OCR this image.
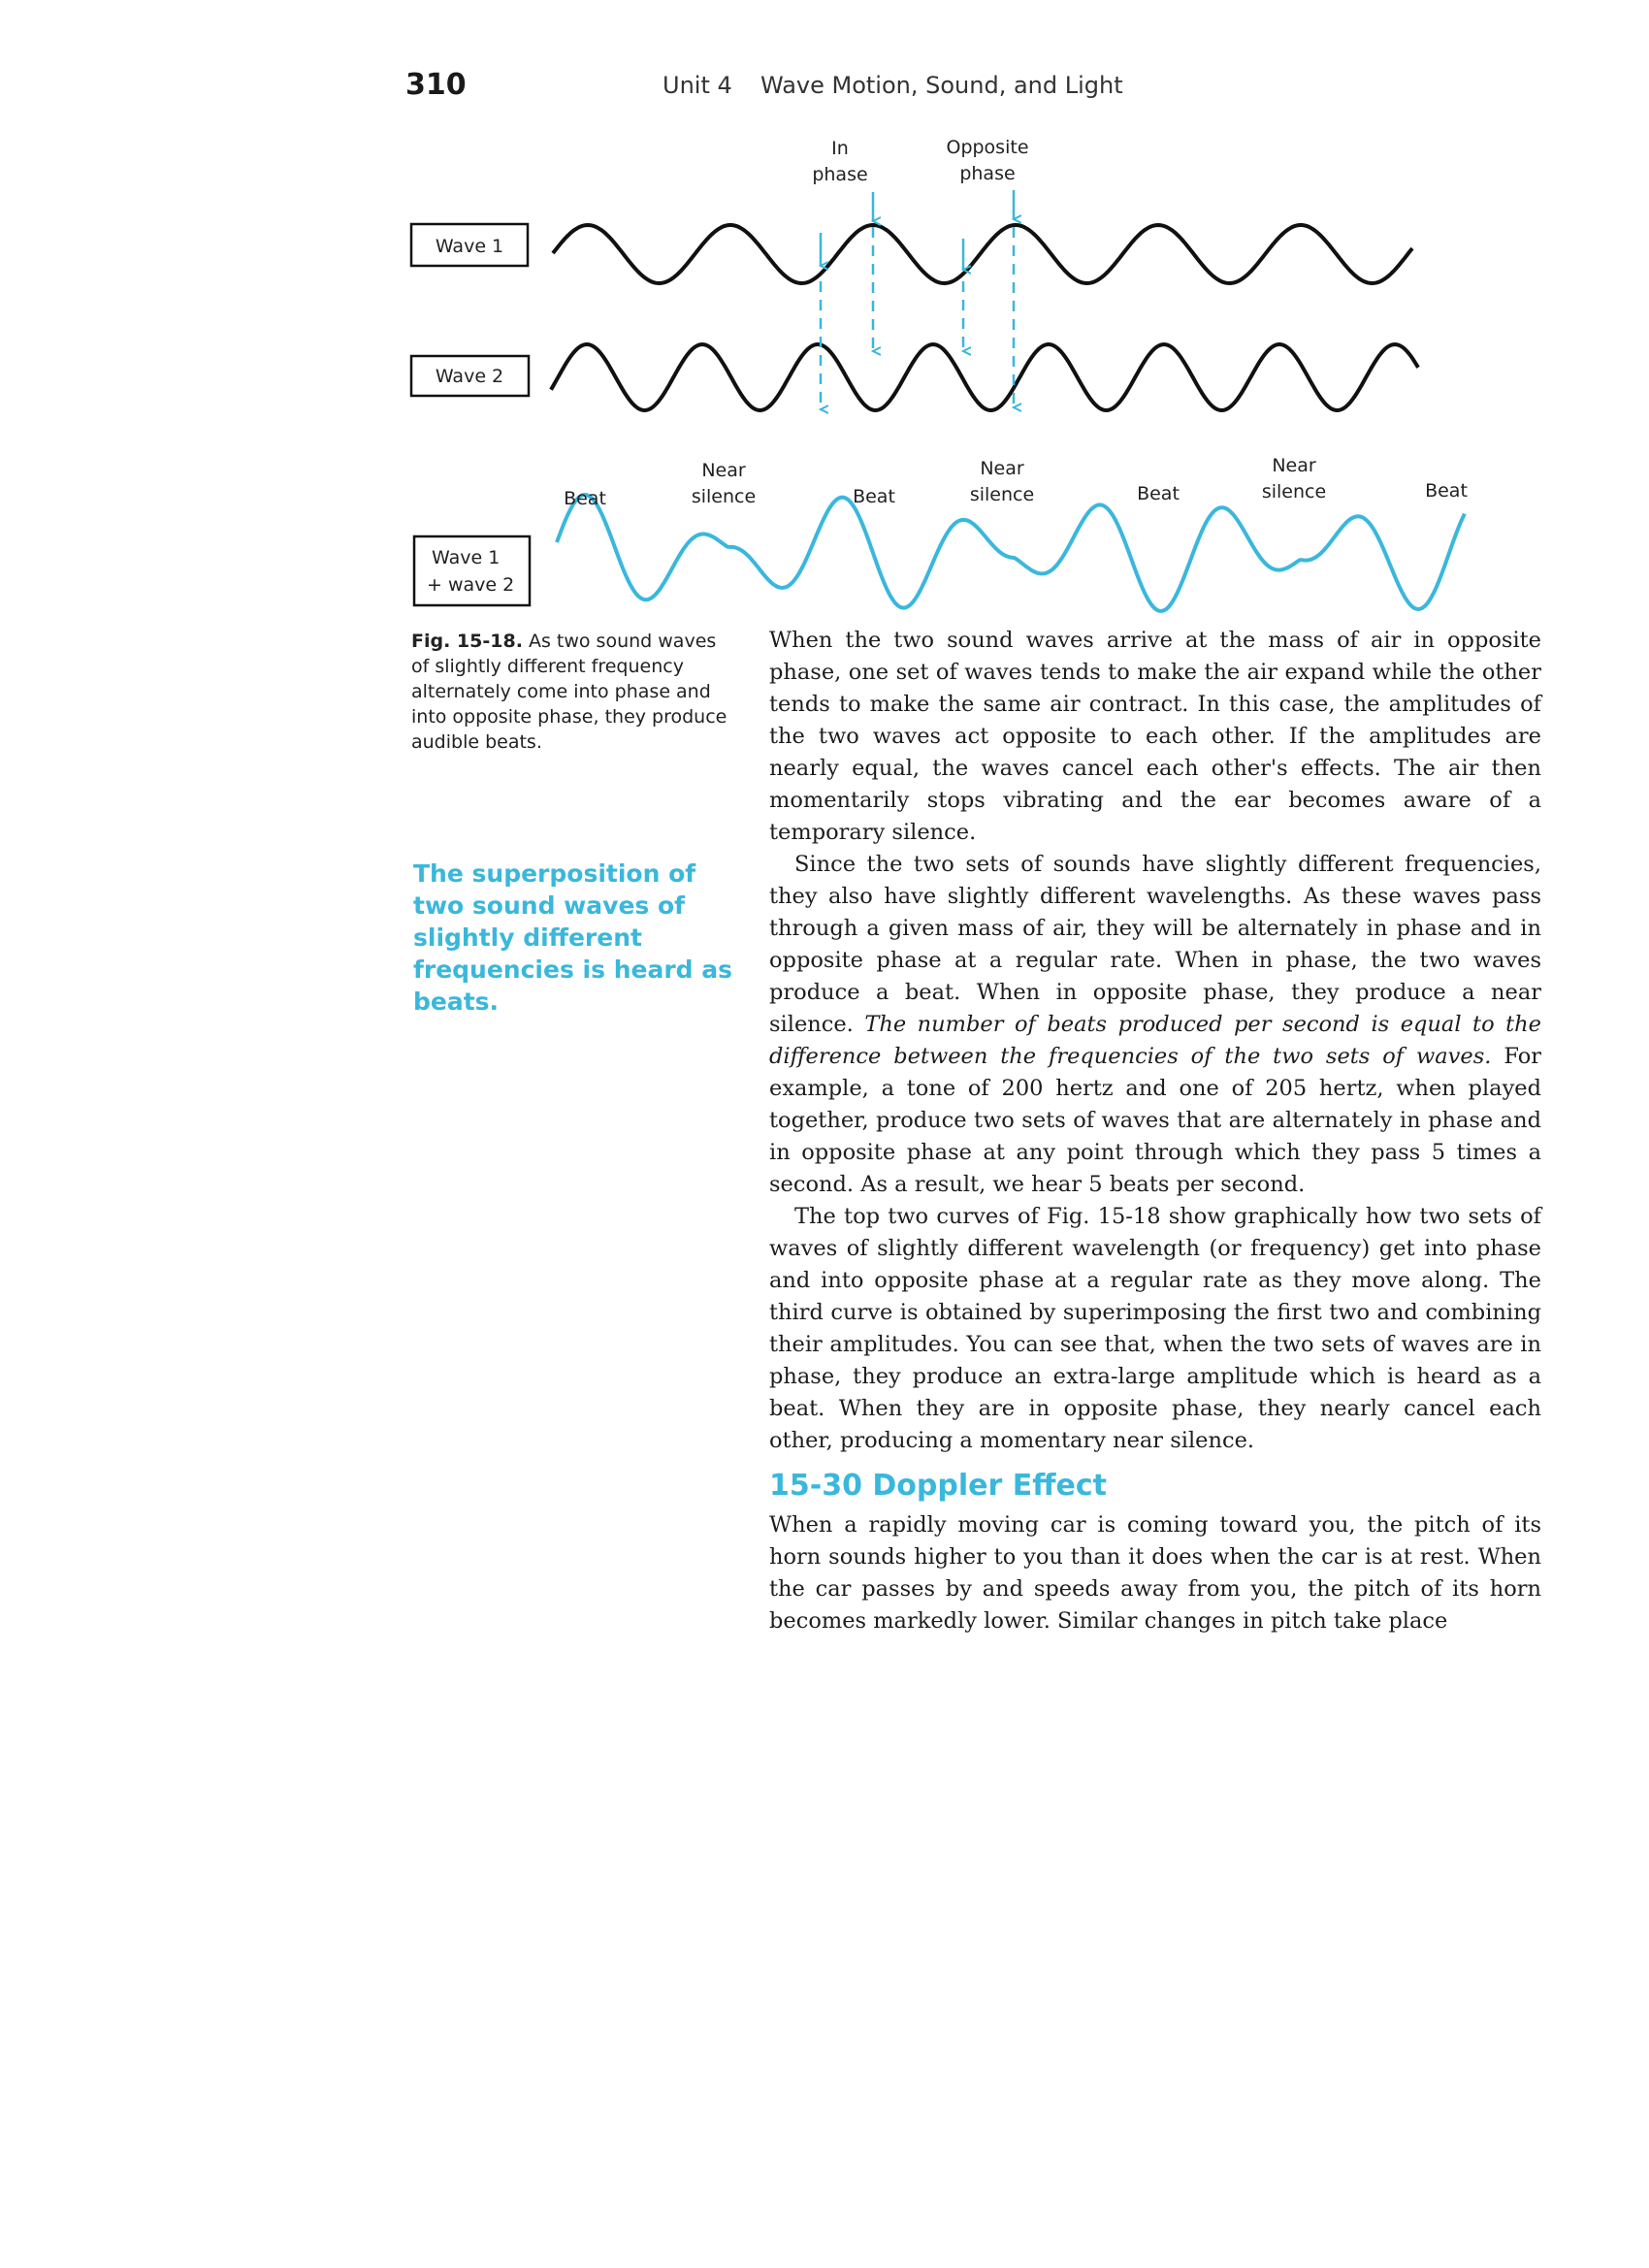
310	Unit 4 Wave Motion, Sound, and Light
In
phase
Opposite
phase
Wave 1
Wave 2
Wave 1
+ wave 2
Beat
Near
silence	Beat
Near
silence	Beat
Near
silence	Beat
Fig. 15-18. As two sound waves of slightly different frequency alternately come into phase and into opposite phase, they produce audible beats.
The superposition of two sound waves of slightly different frequencies is heard as beats.

When the two sound waves arrive at the mass of air in opposite phase, one set of waves tends to make the air expand while the other tends to make the same air contract. In this case, the amplitudes of the two waves act opposite to each other. If the amplitudes are nearly equal, the waves cancel each other's effects. The air then momentarily stops vibrating and the ear becomes aware of a temporary silence.

Since the two sets of sounds have slightly different frequencies, they also have slightly different wavelengths. As these waves pass through a given mass of air, they will be alternately in phase and in opposite phase at a regular rate. When in phase, the two waves produce a beat. When in opposite phase, they produce a near silence. The number of beats produced per second is equal to the difference between the frequencies of the two sets of waves. For example, a tone of 200 hertz and one of 205 hertz, when played together, produce two sets of waves that are alternately in phase and in opposite phase at any point through which they pass 5 times a second. As a result, we hear 5 beats per second.

The top two curves of Fig. 15-18 show graphically how two sets of waves of slightly different wavelength (or frequency) get into phase and into opposite phase at a regular rate as they move along. The third curve is obtained by superimposing the first two and combining their amplitudes. You can see that, when the two sets of waves are in phase, they produce an extra-large amplitude which is heard as a beat. When they are in opposite phase, they nearly cancel each other, producing a momentary near silence.

15-30 Doppler Effect

When a rapidly moving car is coming toward you, the pitch of its horn sounds higher to you than it does when the car is at rest. When the car passes by and speeds away from you, the pitch of its horn becomes markedly lower. Similar changes in pitch take place
